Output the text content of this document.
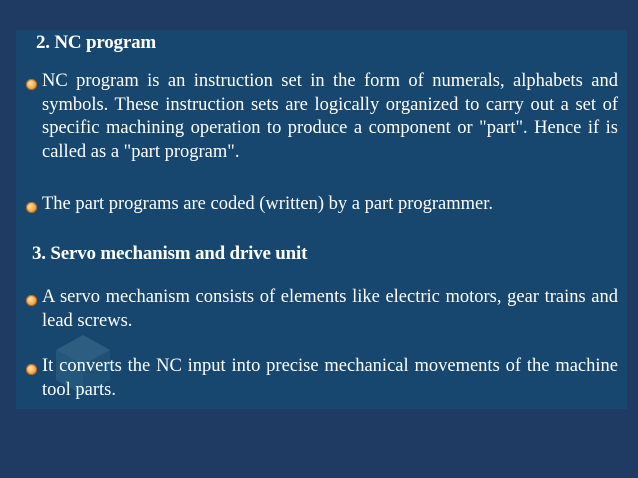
2. NC program
NC program is an instruction set in the form of numerals, alphabets and symbols. These instruction sets are logically organized to carry out a set of specific machining operation to produce a component or "part". Hence if is called as a "part program".
The part programs are coded (written) by a part programmer.
3. Servo mechanism and drive unit
A servo mechanism consists of elements like electric motors, gear trains and lead screws.
It converts the NC input into precise mechanical movements of the machine tool parts.
